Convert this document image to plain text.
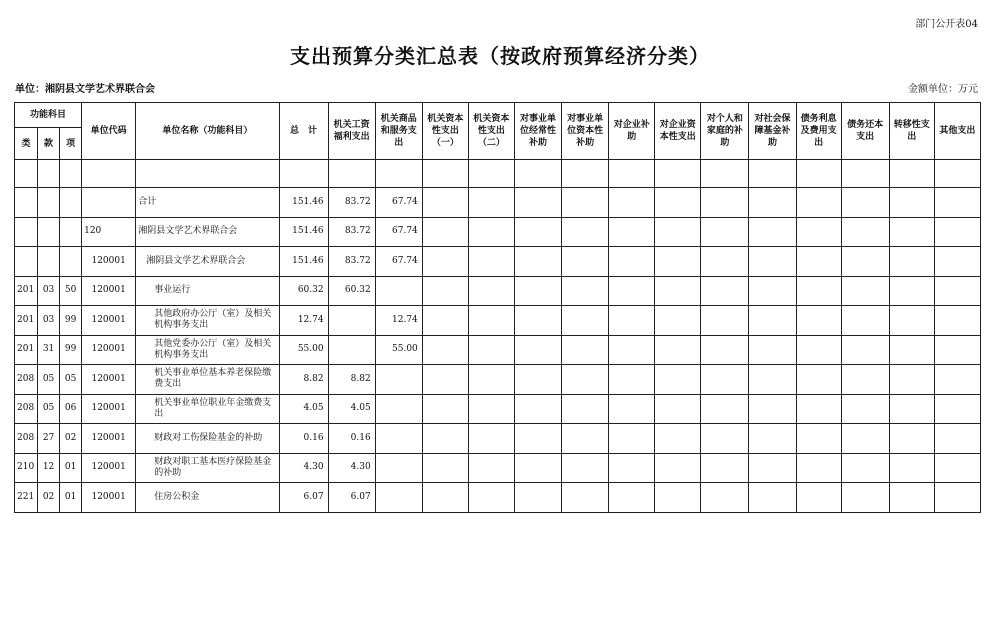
部门公开表04
支出预算分类汇总表（按政府预算经济分类）
单位：湘阴县文学艺术界联合会	金额单位：万元
功能科目			单位代码	单位名称（功能科目）	总　计	机关工资福利支出	机关商品和服务支出	机关资本性支出（一）	机关资本性支出（二）	对事业单位经常性补助	对事业单位资本性补助	对企业补助	对企业资本性支出	对个人和家庭的补助	对社会保障基金补助	债务利息及费用支出	债务还本支出	转移性支出	其他支出
类	款	项																	

				合计	151.46	83.72	67.74												
			120	湘阴县文学艺术界联合会	151.46	83.72	67.74												
			120001	湘阴县文学艺术界联合会	151.46	83.72	67.74												
201	03	50	120001	事业运行	60.32	60.32													
201	03	99	120001	其他政府办公厅（室）及相关机构事务支出	12.74		12.74												
201	31	99	120001	其他党委办公厅（室）及相关机构事务支出	55.00		55.00												
208	05	05	120001	机关事业单位基本养老保险缴费支出	8.82	8.82													
208	05	06	120001	机关事业单位职业年金缴费支出	4.05	4.05													
208	27	02	120001	财政对工伤保险基金的补助	0.16	0.16													
210	12	01	120001	财政对职工基本医疗保险基金的补助	4.30	4.30													
221	02	01	120001	住房公积金	6.07	6.07													
